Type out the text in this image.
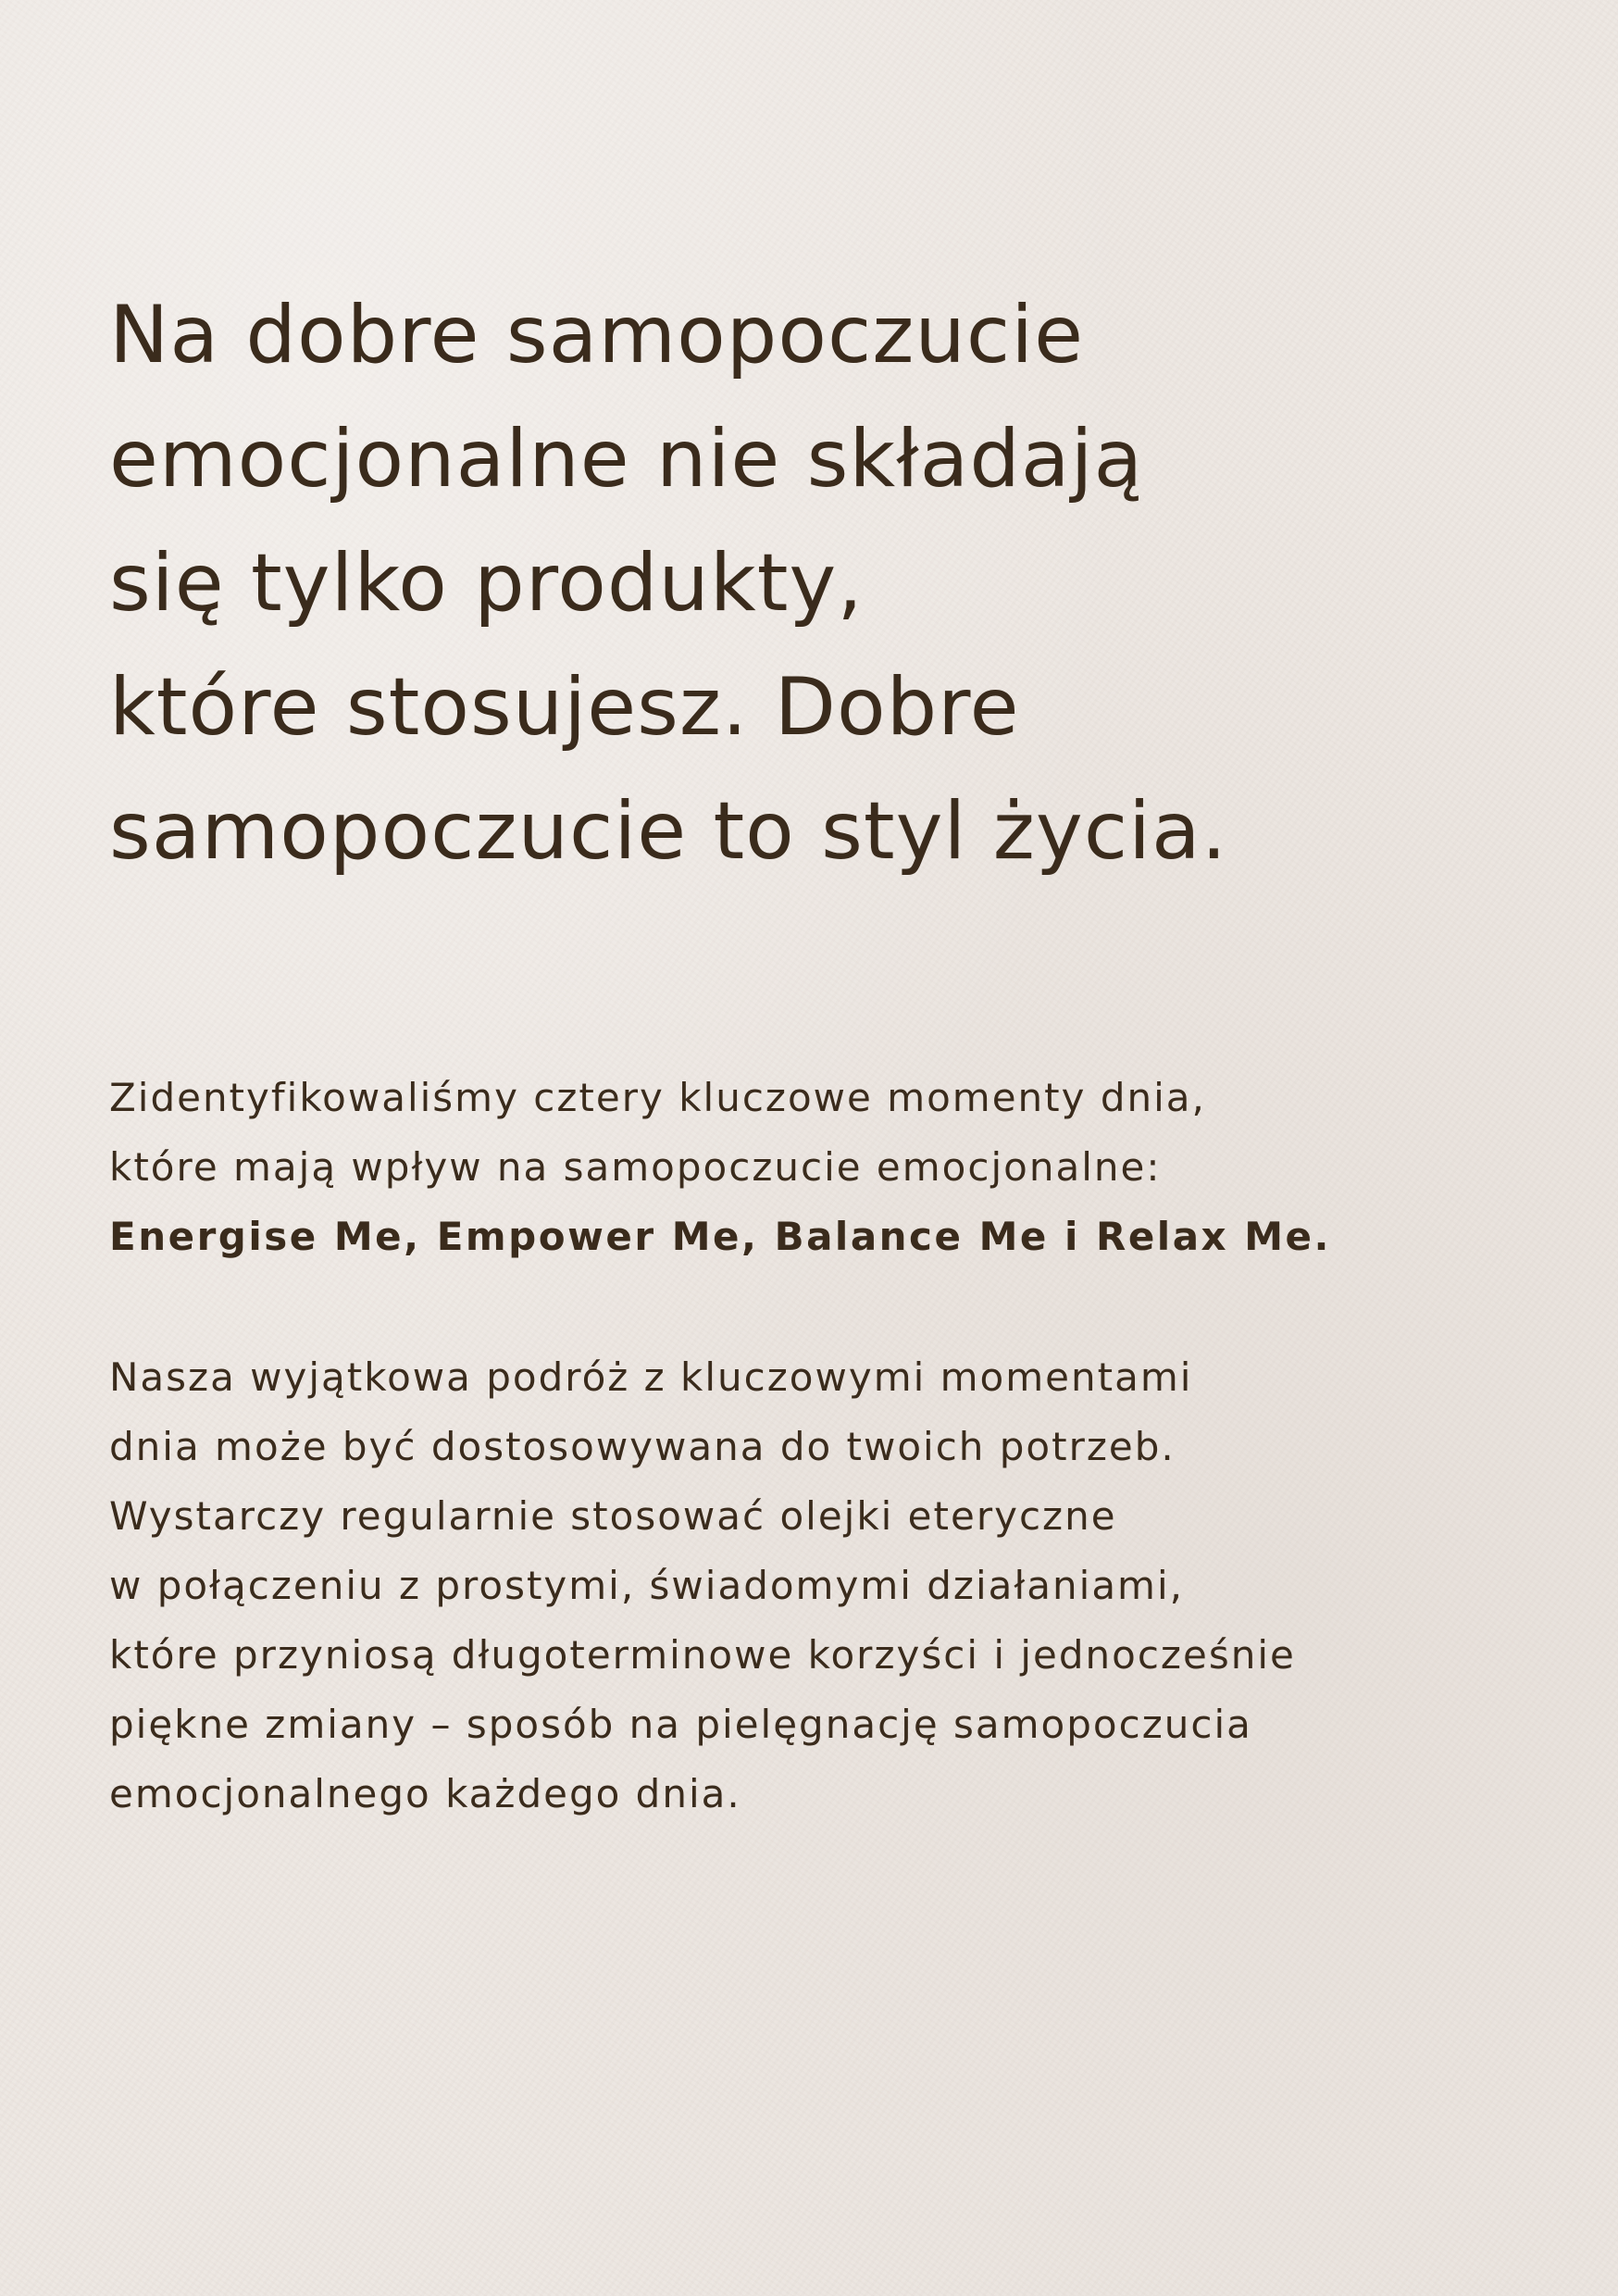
Na dobre samopoczucie
emocjonalne nie składają
się tylko produkty,
które stosujesz. Dobre
samopoczucie to styl życia.

Zidentyfikowaliśmy cztery kluczowe momenty dnia,
które mają wpływ na samopoczucie emocjonalne:
Energise Me, Empower Me, Balance Me i Relax Me.

Nasza wyjątkowa podróż z kluczowymi momentami
dnia może być dostosowywana do twoich potrzeb.
Wystarczy regularnie stosować olejki eteryczne
w połączeniu z prostymi, świadomymi działaniami,
które przyniosą długoterminowe korzyści i jednocześnie
piękne zmiany – sposób na pielęgnację samopoczucia
emocjonalnego każdego dnia.
